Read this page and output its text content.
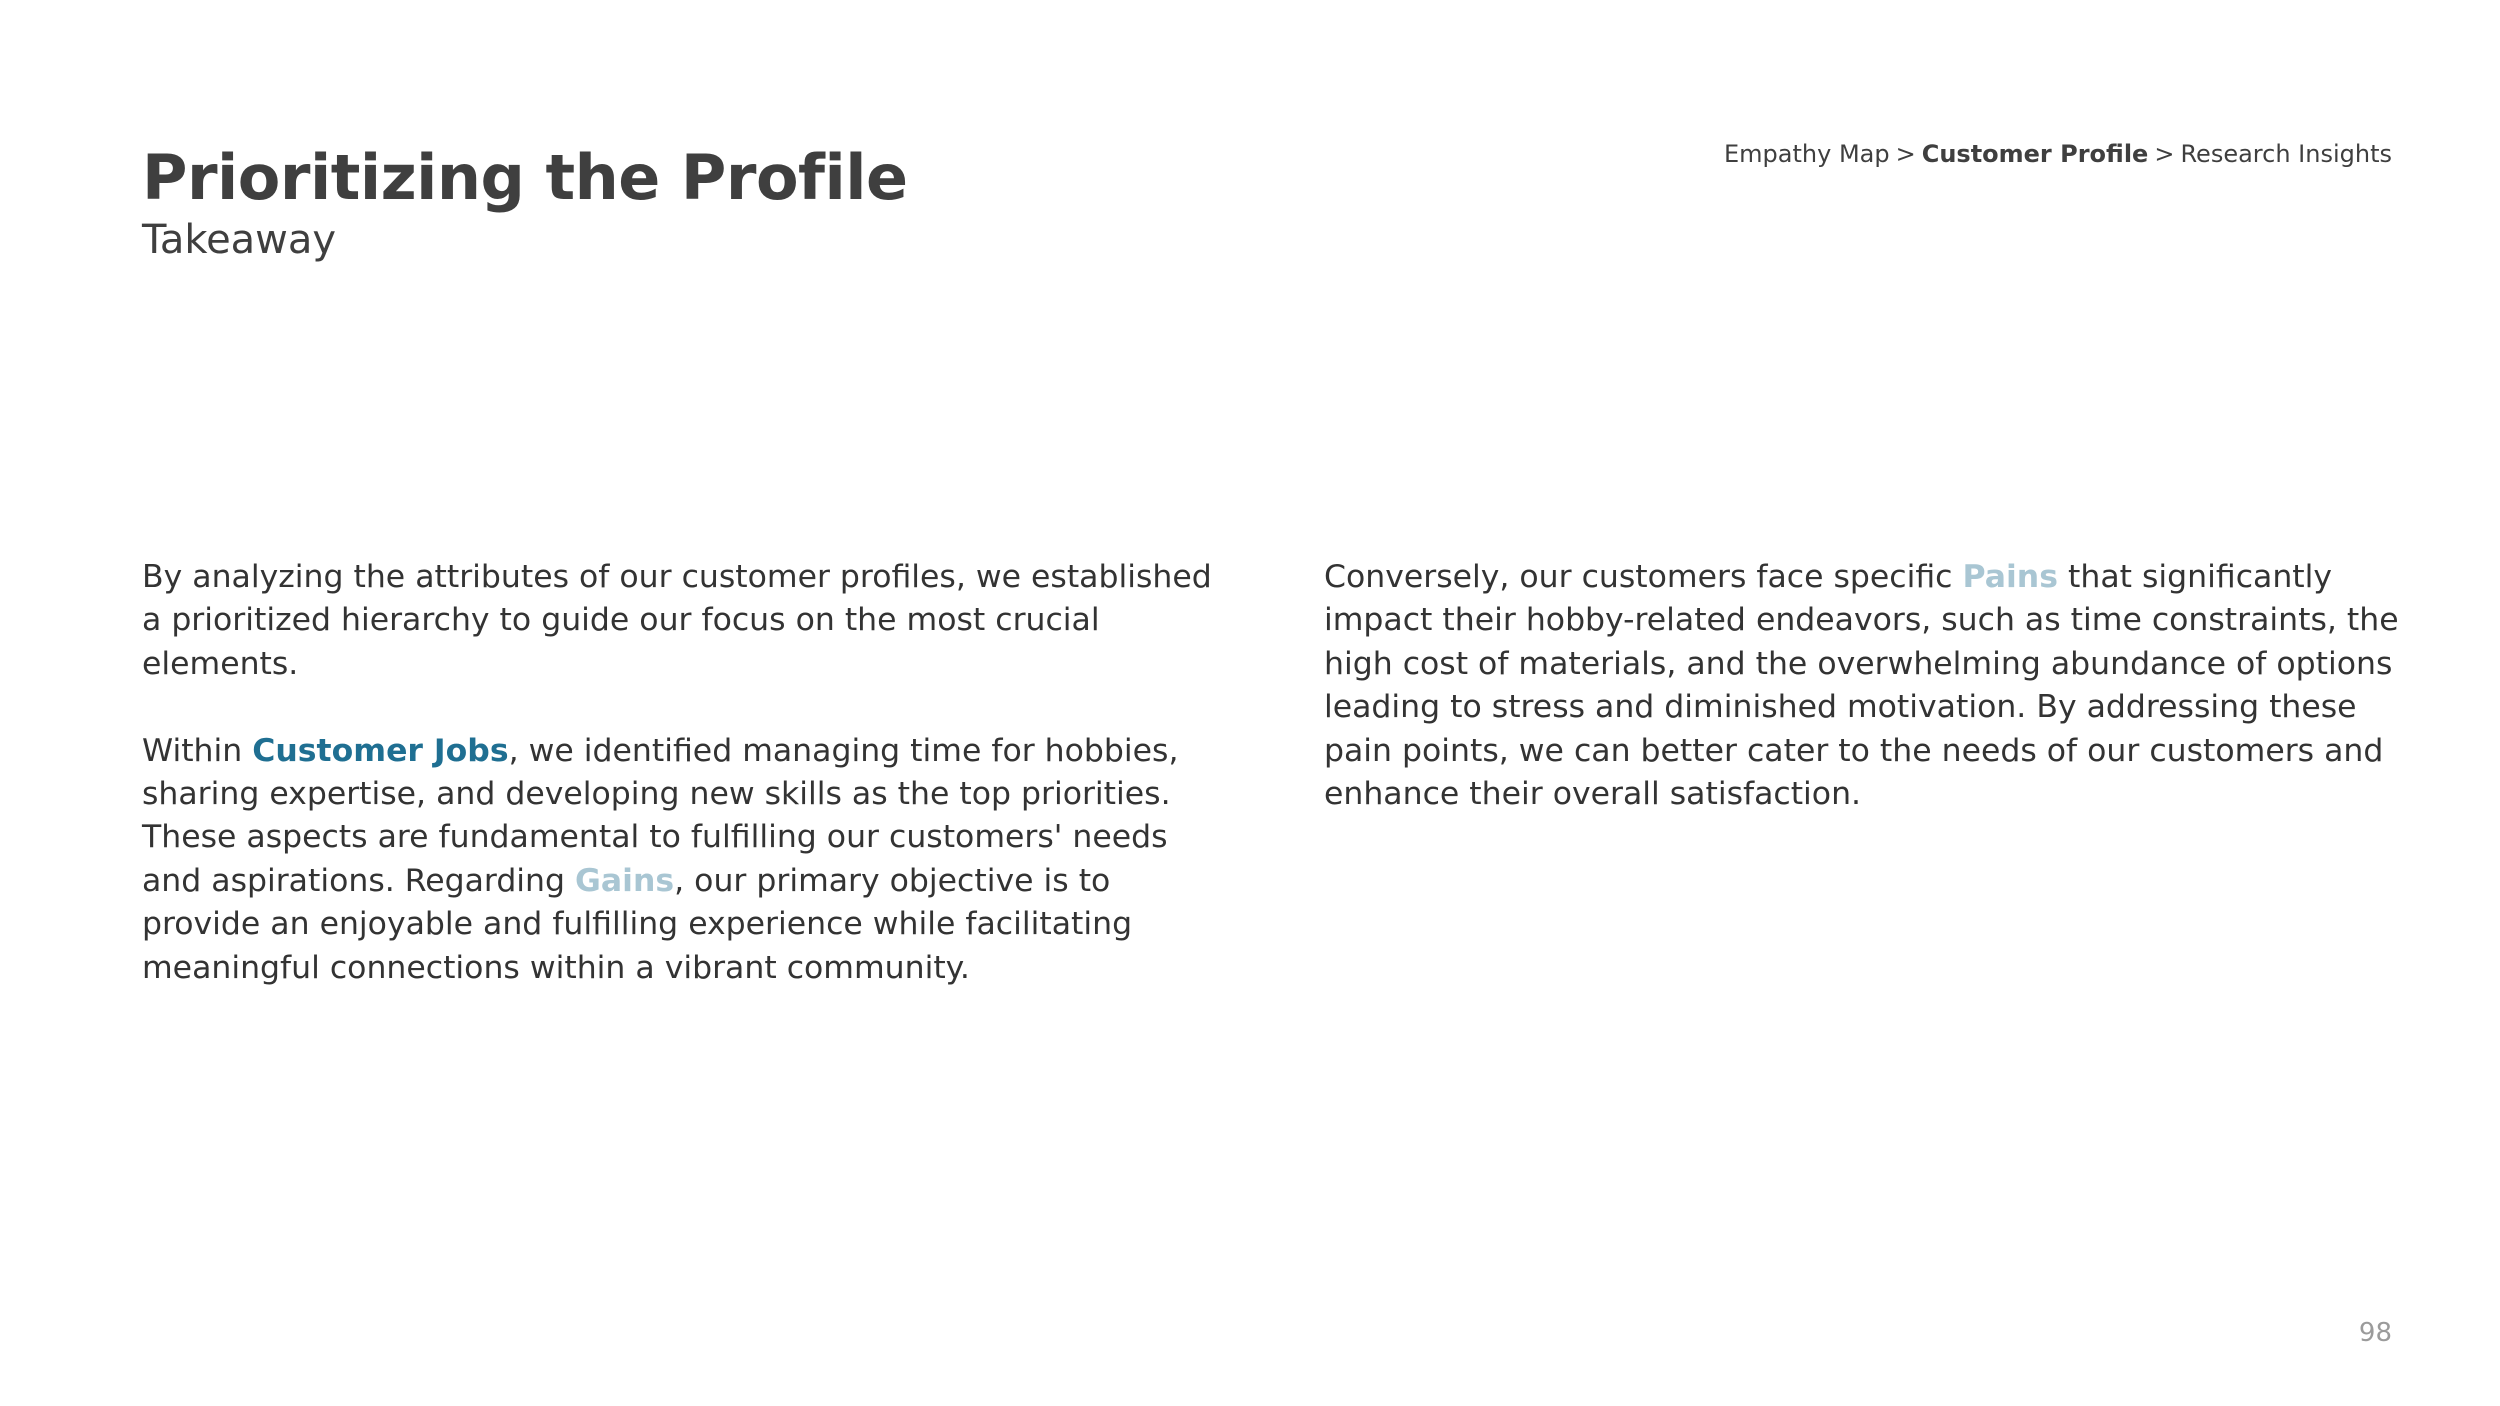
Prioritizing the Profile
Takeaway
Empathy Map > Customer Profile > Research Insights

By analyzing the attributes of our customer profiles, we established a prioritized hierarchy to guide our focus on the most crucial elements.

Within Customer Jobs, we identified managing time for hobbies, sharing expertise, and developing new skills as the top priorities. These aspects are fundamental to fulfilling our customers' needs and aspirations. Regarding Gains, our primary objective is to provide an enjoyable and fulfilling experience while facilitating meaningful connections within a vibrant community.

Conversely, our customers face specific Pains that significantly impact their hobby-related endeavors, such as time constraints, the high cost of materials, and the overwhelming abundance of options leading to stress and diminished motivation. By addressing these pain points, we can better cater to the needs of our customers and enhance their overall satisfaction.

98
